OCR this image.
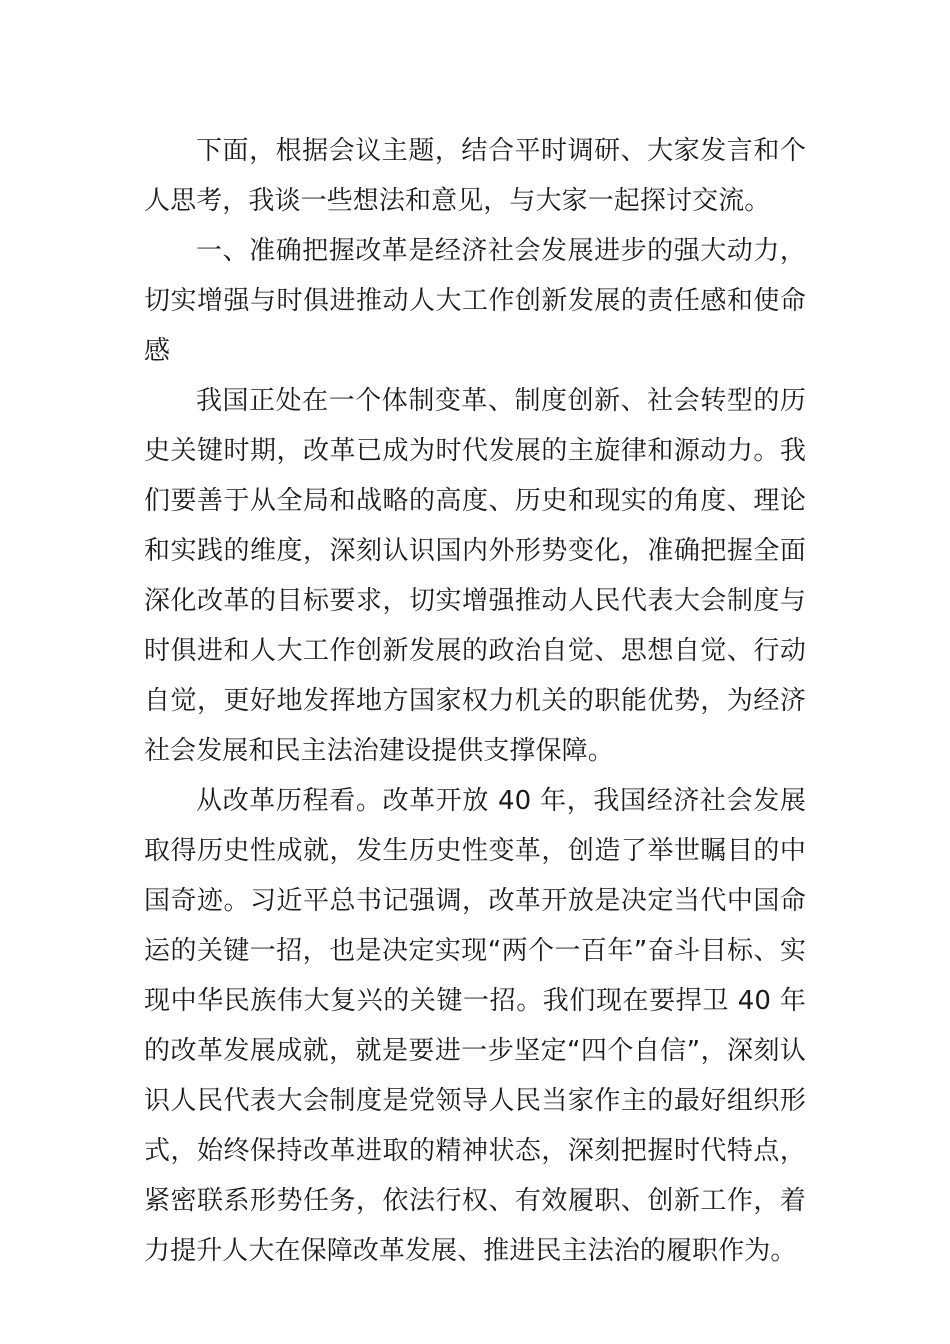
下面，根据会议主题，结合平时调研、大家发言和个人思考，我谈一些想法和意见，与大家一起探讨交流。

一、准确把握改革是经济社会发展进步的强大动力，切实增强与时俱进推动人大工作创新发展的责任感和使命感

我国正处在一个体制变革、制度创新、社会转型的历史关键时期，改革已成为时代发展的主旋律和源动力。我们要善于从全局和战略的高度、历史和现实的角度、理论和实践的维度，深刻认识国内外形势变化，准确把握全面深化改革的目标要求，切实增强推动人民代表大会制度与时俱进和人大工作创新发展的政治自觉、思想自觉、行动自觉，更好地发挥地方国家权力机关的职能优势，为经济社会发展和民主法治建设提供支撑保障。

从改革历程看。改革开放 40 年，我国经济社会发展取得历史性成就，发生历史性变革，创造了举世瞩目的中国奇迹。习近平总书记强调，改革开放是决定当代中国命运的关键一招，也是决定实现“两个一百年”奋斗目标、实现中华民族伟大复兴的关键一招。我们现在要捍卫 40 年的改革发展成就，就是要进一步坚定“四个自信”，深刻认识人民代表大会制度是党领导人民当家作主的最好组织形式，始终保持改革进取的精神状态，深刻把握时代特点，紧密联系形势任务，依法行权、有效履职、创新工作，着力提升人大在保障改革发展、推进民主法治的履职作为。
